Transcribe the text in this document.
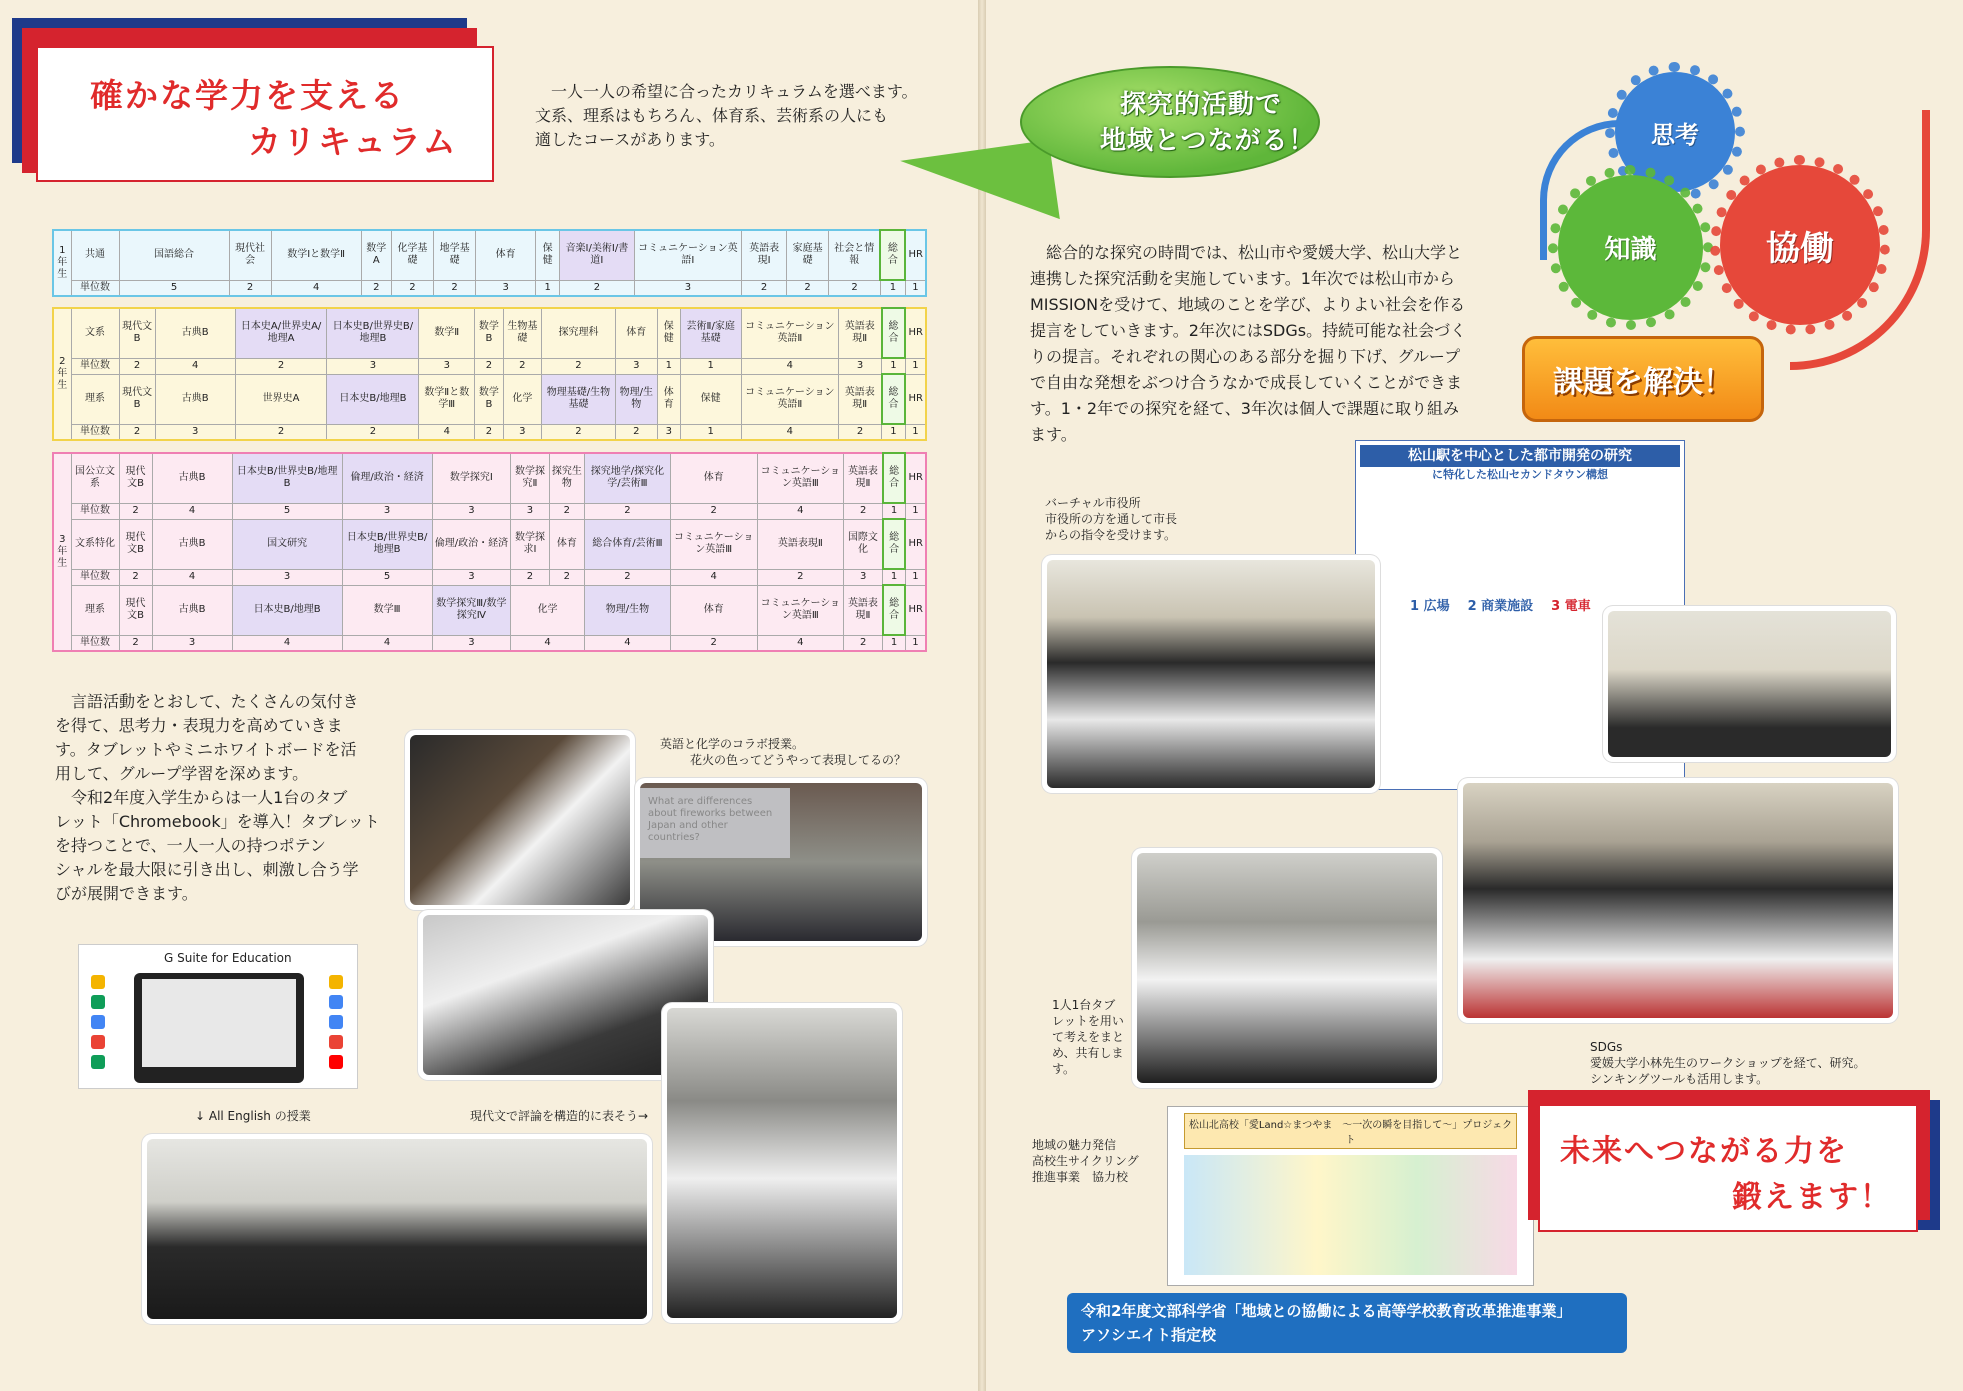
確かな学力を支える
カリキュラム
一人一人の希望に合ったカリキュラムを選べます。
文系、理系はもちろん、体育系、芸術系の人にも
適したコースがあります。
1年生	共通	国語総合	現代社会	数学Ⅰと数学Ⅱ	数学A	化学基礎	地学基礎	体育	保健	音楽Ⅰ/美術Ⅰ/書道Ⅰ	コミュニケーション英語Ⅰ	英語表現Ⅰ	家庭基礎	社会と情報	総合	HR
	単位数	5	2	4	2	2	2	3	1	2	3	2	2	2	1	1
2年生	文系	現代文B	古典B	日本史A/世界史A/地理A	日本史B/世界史B/地理B	数学Ⅱ	数学B	生物基礎	探究理科	体育	保健	芸術Ⅱ/家庭基礎	コミュニケーション英語Ⅱ	英語表現Ⅱ	総合	HR
	単位数	2	4	2	3	3	2	2	2	3	1	1	4	3	1	1
	理系	現代文B	古典B	世界史A	日本史B/地理B	数学Ⅱと数学Ⅲ	数学B	化学	物理基礎/生物基礎	物理/生物	体育	保健	コミュニケーション英語Ⅱ	英語表現Ⅱ	総合	HR
	単位数	2	3	2	2	4	2	3	2	2	3	1	4	2	1	1
3年生	国公立文系	現代文B	古典B	日本史B/世界史B/地理B	倫理/政治・経済	数学探究Ⅰ	数学探究Ⅱ	探究生物	探究地学/探究化学/芸術Ⅲ	体育	コミュニケーション英語Ⅲ	英語表現Ⅱ	総合	HR
	単位数	2	4	5	3	3	3	2	2	2	4	2	1	1
	文系特化	現代文B	古典B	国文研究	日本史B/世界史B/地理B	倫理/政治・経済	数学探求Ⅰ	体育	総合体育/芸術Ⅲ	コミュニケーション英語Ⅲ	英語表現Ⅱ	国際文化	総合	HR
	単位数	2	4	3	5	3	2	2	2	4	2	3	1	1
	理系	現代文B	古典B	日本史B/地理B	数学Ⅲ	数学探究Ⅲ/数学探究Ⅳ	化学		物理/生物	体育	コミュニケーション英語Ⅲ	英語表現Ⅱ	総合	HR
	単位数	2	3	4	4	3	4		4	2	4	2	1	1
言語活動をとおして、たくさんの気付き
を得て、思考力・表現力を高めていきま
す。タブレットやミニホワイトボードを活
用して、グループ学習を深めます。
令和2年度入学生からは一人1台のタブ
レット「Chromebook」を導入！タブレット
を持つことで、一人一人の持つポテン
シャルを最大限に引き出し、刺激し合う学
びが展開できます。
英語と化学のコラボ授業。
花火の色ってどうやって表現してるの？
What are differences about fireworks between Japan and other countries?
G Suite for Education
↓ All English の授業	現代文で評論を構造的に表そう→
探究的活動で
地域とつながる！	思考
知識	協働
課題を解決！
総合的な探究の時間では、松山市や愛媛大学、松山大学と
連携した探究活動を実施しています。1年次では松山市から
MISSIONを受けて、地域のことを学び、よりよい社会を作る
提言をしていきます。2年次にはSDGs。持続可能な社会づく
りの提言。それぞれの関心のある部分を掘り下げ、グループ
で自由な発想をぶつけ合うなかで成長していくことができま
す。1・2年での探究を経て、3年次は個人で課題に取り組み
ます。
松山駅を中心とした都市開発の研究
に特化した松山セカンドタウン構想
1 広場 2 商業施設 3 電車
バーチャル市役所
市役所の方を通して市長
からの指令を受けます。
1人1台タブ
レットを用い
て考えをまと
め、共有しま
す。
SDGs
愛媛大学小林先生のワークショップを経て、研究。
シンキングツールも活用します。
地域の魅力発信
高校生サイクリング
推進事業　協力校
松山北高校「愛Land☆まつやま　～一次の瞬を目指して～」プロジェクト	未来へつながる力を
鍛えます！
令和2年度文部科学省「地域との協働による高等学校教育改革推進事業」
アソシエイト指定校
